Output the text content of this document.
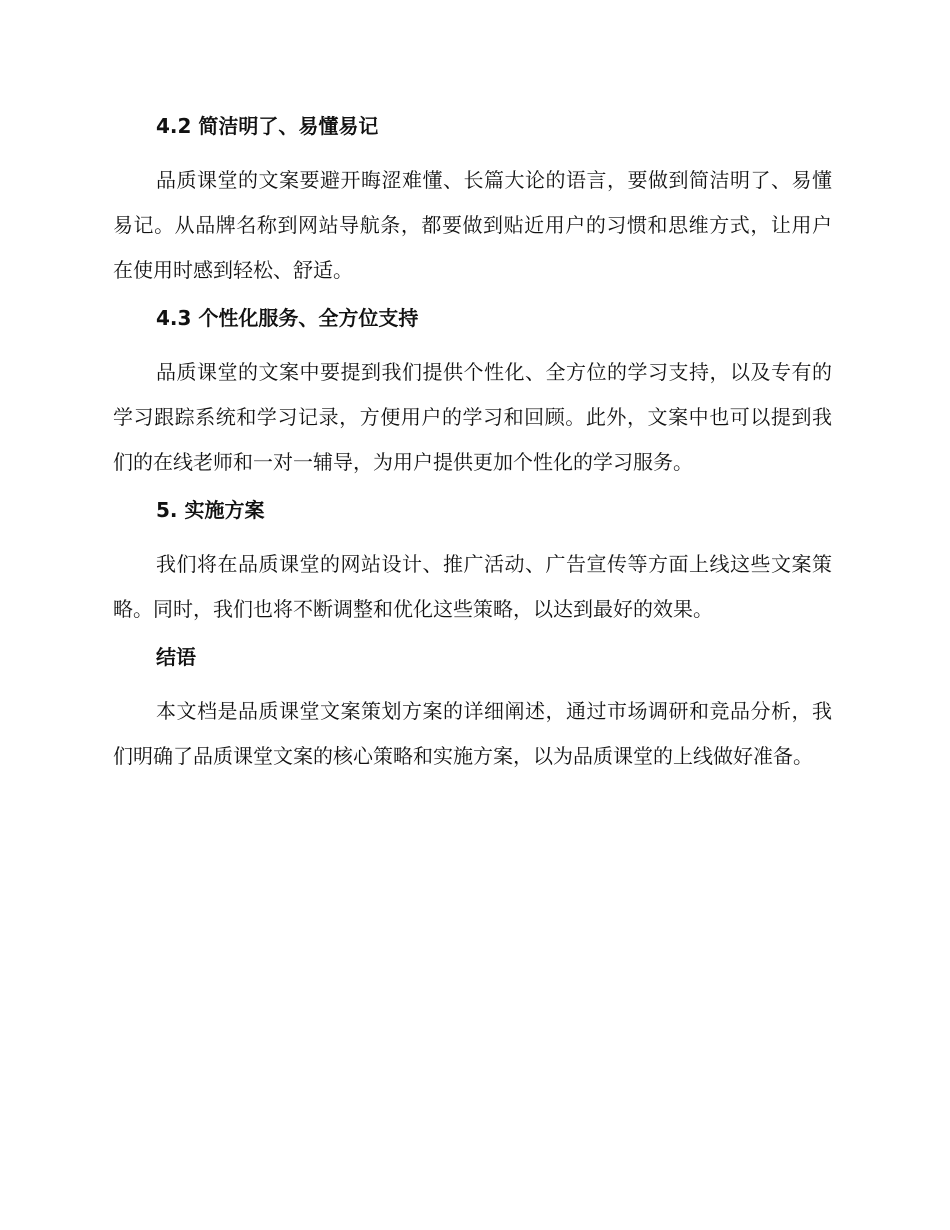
4.2 简洁明了、易懂易记
品质课堂的文案要避开晦涩难懂、长篇大论的语言，要做到简洁明了、易懂易记。从品牌名称到网站导航条，都要做到贴近用户的习惯和思维方式，让用户在使用时感到轻松、舒适。
4.3 个性化服务、全方位支持
品质课堂的文案中要提到我们提供个性化、全方位的学习支持，以及专有的学习跟踪系统和学习记录，方便用户的学习和回顾。此外，文案中也可以提到我们的在线老师和一对一辅导，为用户提供更加个性化的学习服务。
5. 实施方案
我们将在品质课堂的网站设计、推广活动、广告宣传等方面上线这些文案策略。同时，我们也将不断调整和优化这些策略，以达到最好的效果。
结语
本文档是品质课堂文案策划方案的详细阐述，通过市场调研和竞品分析，我们明确了品质课堂文案的核心策略和实施方案，以为品质课堂的上线做好准备。
